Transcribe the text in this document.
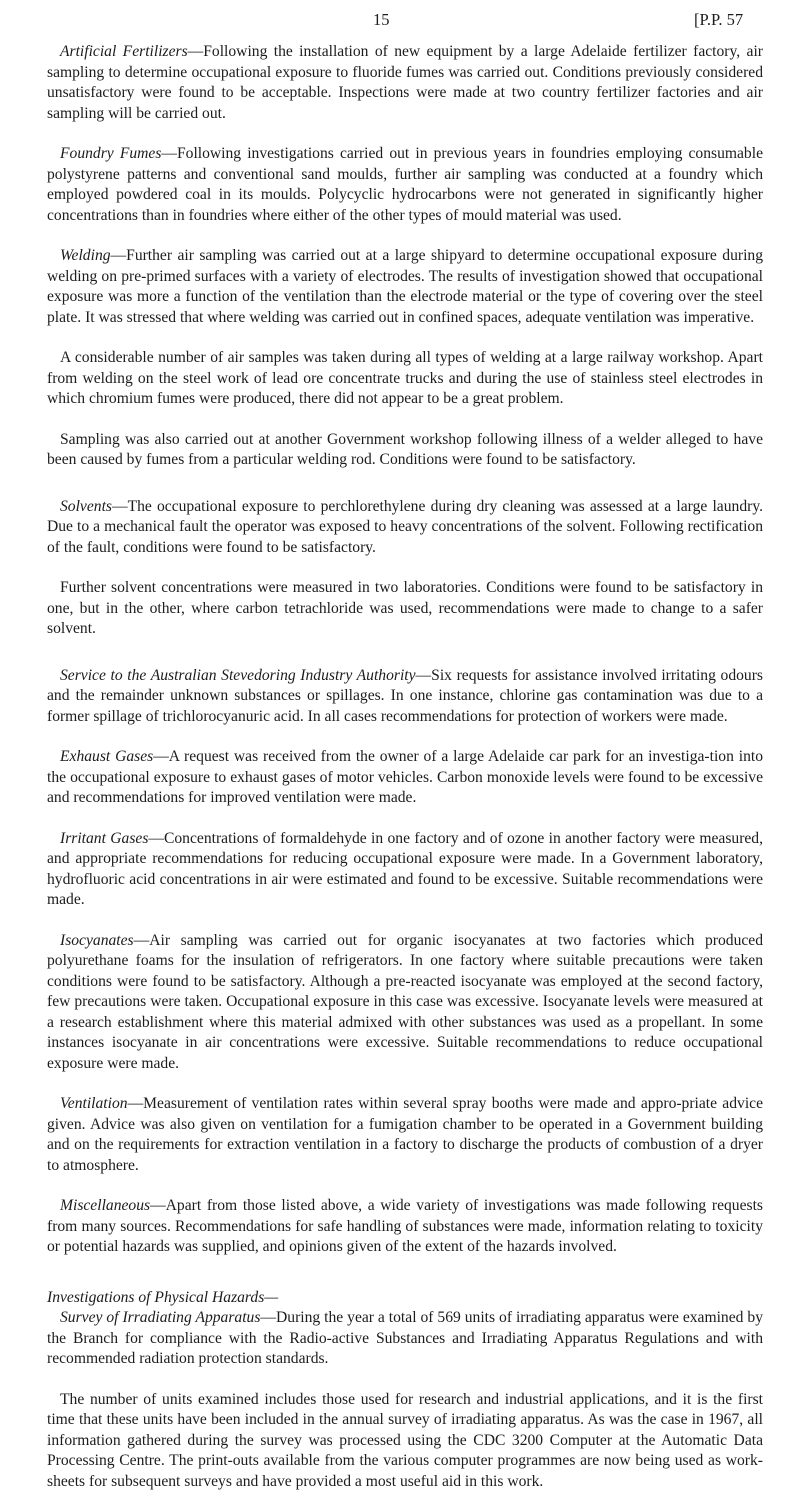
15	[P.P. 57

Artificial Fertilizers—Following the installation of new equipment by a large Adelaide fertilizer factory, air sampling to determine occupational exposure to fluoride fumes was carried out. Conditions previously considered unsatisfactory were found to be acceptable. Inspections were made at two country fertilizer factories and air sampling will be carried out.

Foundry Fumes—Following investigations carried out in previous years in foundries employing consumable polystyrene patterns and conventional sand moulds, further air sampling was conducted at a foundry which employed powdered coal in its moulds. Polycyclic hydrocarbons were not generated in significantly higher concentrations than in foundries where either of the other types of mould material was used.

Welding—Further air sampling was carried out at a large shipyard to determine occupational exposure during welding on pre-primed surfaces with a variety of electrodes. The results of investigation showed that occupational exposure was more a function of the ventilation than the electrode material or the type of covering over the steel plate. It was stressed that where welding was carried out in confined spaces, adequate ventilation was imperative.

A considerable number of air samples was taken during all types of welding at a large railway workshop. Apart from welding on the steel work of lead ore concentrate trucks and during the use of stainless steel electrodes in which chromium fumes were produced, there did not appear to be a great problem.

Sampling was also carried out at another Government workshop following illness of a welder alleged to have been caused by fumes from a particular welding rod. Conditions were found to be satisfactory.

Solvents—The occupational exposure to perchlorethylene during dry cleaning was assessed at a large laundry. Due to a mechanical fault the operator was exposed to heavy concentrations of the solvent. Following rectification of the fault, conditions were found to be satisfactory.

Further solvent concentrations were measured in two laboratories. Conditions were found to be satisfactory in one, but in the other, where carbon tetrachloride was used, recommendations were made to change to a safer solvent.

Service to the Australian Stevedoring Industry Authority—Six requests for assistance involved irritating odours and the remainder unknown substances or spillages. In one instance, chlorine gas contamination was due to a former spillage of trichlorocyanuric acid. In all cases recommendations for protection of workers were made.

Exhaust Gases—A request was received from the owner of a large Adelaide car park for an investiga-tion into the occupational exposure to exhaust gases of motor vehicles. Carbon monoxide levels were found to be excessive and recommendations for improved ventilation were made.

Irritant Gases—Concentrations of formaldehyde in one factory and of ozone in another factory were measured, and appropriate recommendations for reducing occupational exposure were made. In a Government laboratory, hydrofluoric acid concentrations in air were estimated and found to be excessive. Suitable recommendations were made.

Isocyanates—Air sampling was carried out for organic isocyanates at two factories which produced polyurethane foams for the insulation of refrigerators. In one factory where suitable precautions were taken conditions were found to be satisfactory. Although a pre-reacted isocyanate was employed at the second factory, few precautions were taken. Occupational exposure in this case was excessive. Isocyanate levels were measured at a research establishment where this material admixed with other substances was used as a propellant. In some instances isocyanate in air concentrations were excessive. Suitable recommendations to reduce occupational exposure were made.

Ventilation—Measurement of ventilation rates within several spray booths were made and appro-priate advice given. Advice was also given on ventilation for a fumigation chamber to be operated in a Government building and on the requirements for extraction ventilation in a factory to discharge the products of combustion of a dryer to atmosphere.

Miscellaneous—Apart from those listed above, a wide variety of investigations was made following requests from many sources. Recommendations for safe handling of substances were made, information relating to toxicity or potential hazards was supplied, and opinions given of the extent of the hazards involved.

Investigations of Physical Hazards—

Survey of Irradiating Apparatus—During the year a total of 569 units of irradiating apparatus were examined by the Branch for compliance with the Radio-active Substances and Irradiating Apparatus Regulations and with recommended radiation protection standards.

The number of units examined includes those used for research and industrial applications, and it is the first time that these units have been included in the annual survey of irradiating apparatus. As was the case in 1967, all information gathered during the survey was processed using the CDC 3200 Computer at the Automatic Data Processing Centre. The print-outs available from the various computer programmes are now being used as work-sheets for subsequent surveys and have provided a most useful aid in this work.
